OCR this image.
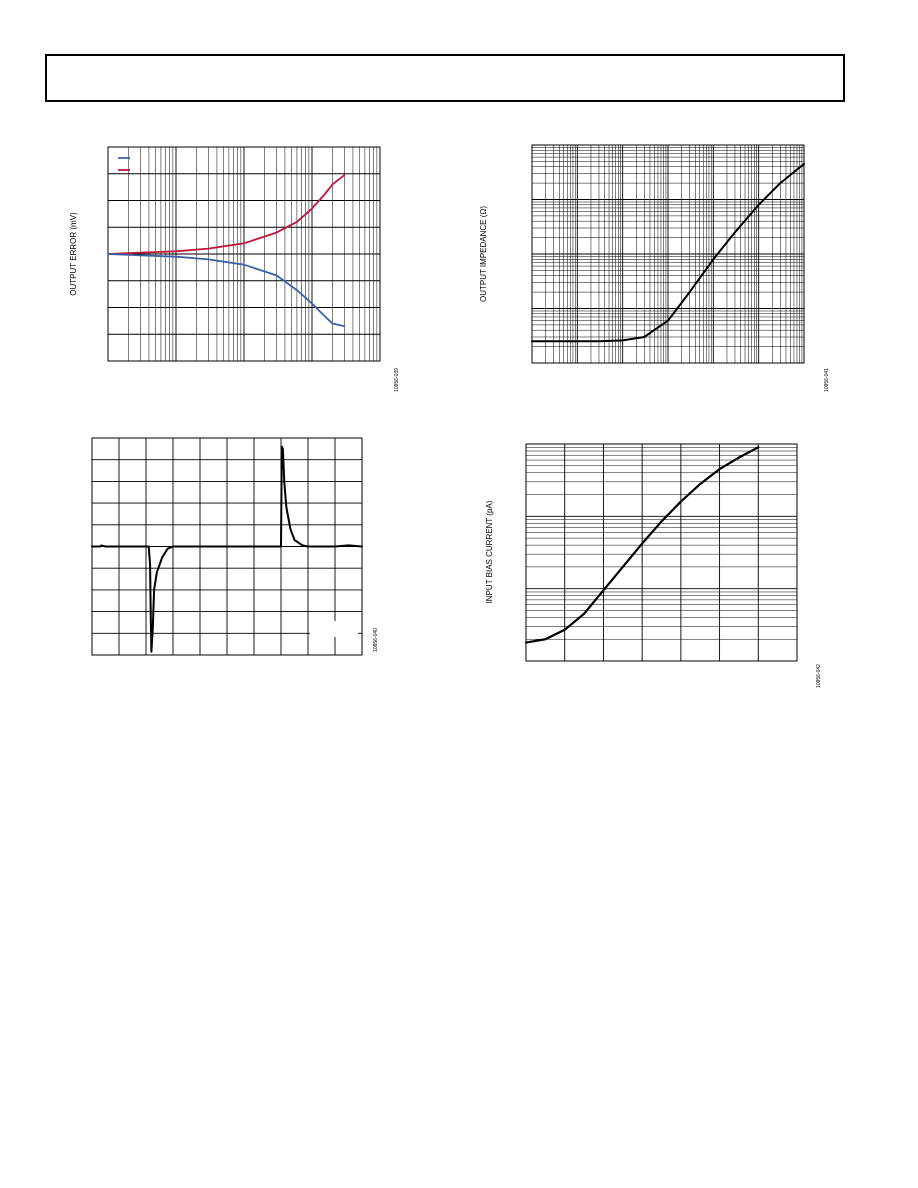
OUTPUT ERROR (mV)
10856-039
OUTPUT IMPEDANCE (Ω)
10856-041
10856-040
INPUT BIAS CURRENT (pA)
10856-042
